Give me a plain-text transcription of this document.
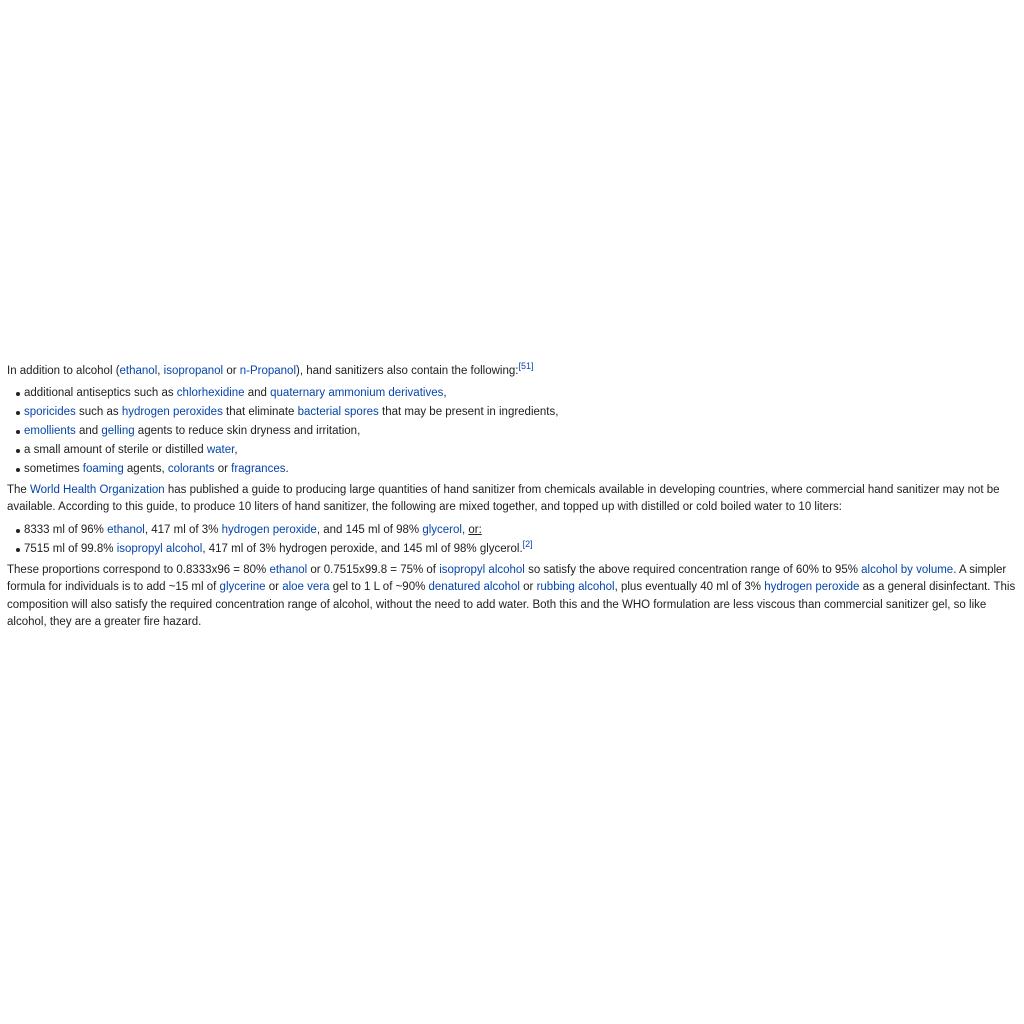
In addition to alcohol (ethanol, isopropanol or n-Propanol), hand sanitizers also contain the following:[51]

additional antiseptics such as chlorhexidine and quaternary ammonium derivatives,
sporicides such as hydrogen peroxides that eliminate bacterial spores that may be present in ingredients,
emollients and gelling agents to reduce skin dryness and irritation,
a small amount of sterile or distilled water,
sometimes foaming agents, colorants or fragrances.

The World Health Organization has published a guide to producing large quantities of hand sanitizer from chemicals available in developing countries, where commercial hand sanitizer may not be available. According to this guide, to produce 10 liters of hand sanitizer, the following are mixed together, and topped up with distilled or cold boiled water to 10 liters:

8333 ml of 96% ethanol, 417 ml of 3% hydrogen peroxide, and 145 ml of 98% glycerol, or:
7515 ml of 99.8% isopropyl alcohol, 417 ml of 3% hydrogen peroxide, and 145 ml of 98% glycerol.[2]

These proportions correspond to 0.8333x96 = 80% ethanol or 0.7515x99.8 = 75% of isopropyl alcohol so satisfy the above required concentration range of 60% to 95% alcohol by volume. A simpler formula for individuals is to add ~15 ml of glycerine or aloe vera gel to 1 L of ~90% denatured alcohol or rubbing alcohol, plus eventually 40 ml of 3% hydrogen peroxide as a general disinfectant. This composition will also satisfy the required concentration range of alcohol, without the need to add water. Both this and the WHO formulation are less viscous than commercial sanitizer gel, so like alcohol, they are a greater fire hazard.
